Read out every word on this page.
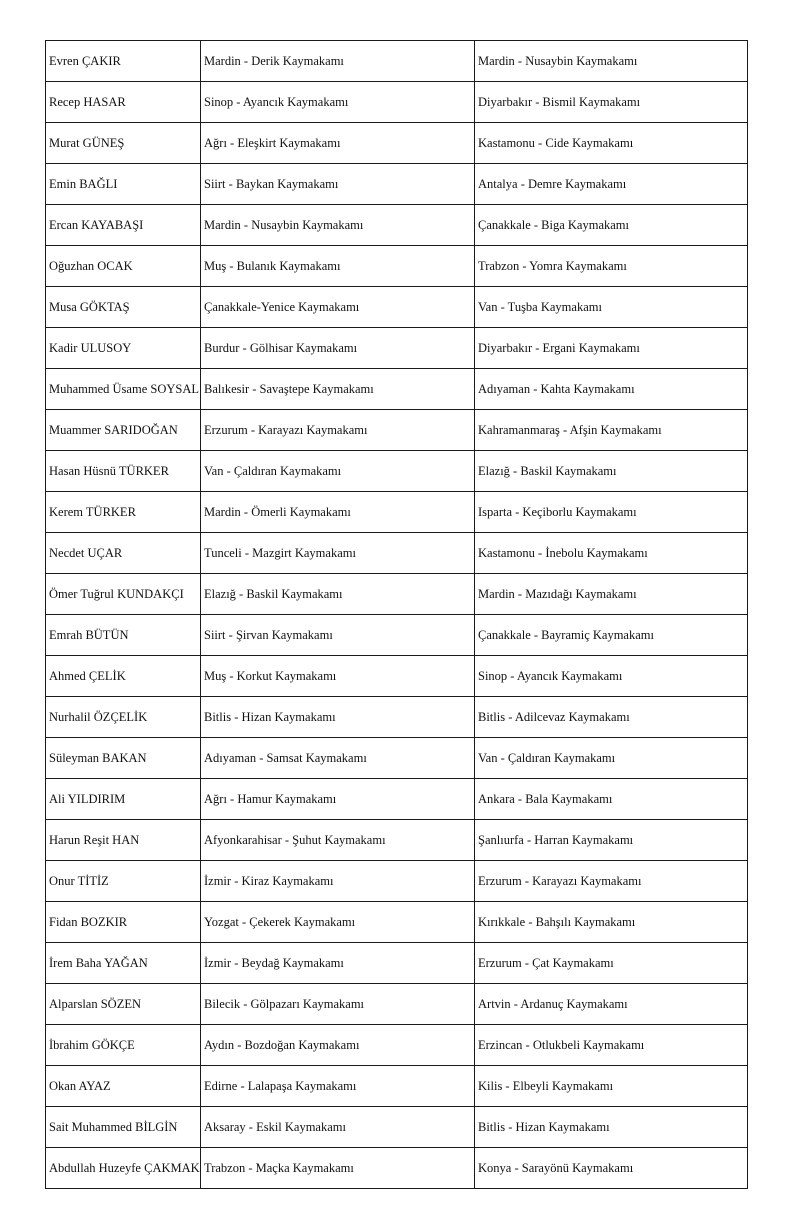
Evren ÇAKIR	Mardin - Derik Kaymakamı	Mardin - Nusaybin Kaymakamı
Recep HASAR	Sinop - Ayancık Kaymakamı	Diyarbakır - Bismil Kaymakamı
Murat GÜNEŞ	Ağrı - Eleşkirt Kaymakamı	Kastamonu - Cide Kaymakamı
Emin BAĞLI	Siirt - Baykan Kaymakamı	Antalya - Demre Kaymakamı
Ercan KAYABAŞI	Mardin - Nusaybin Kaymakamı	Çanakkale - Biga Kaymakamı
Oğuzhan OCAK	Muş - Bulanık Kaymakamı	Trabzon - Yomra Kaymakamı
Musa GÖKTAŞ	Çanakkale-Yenice Kaymakamı	Van - Tuşba Kaymakamı
Kadir ULUSOY	Burdur - Gölhisar Kaymakamı	Diyarbakır - Ergani Kaymakamı
Muhammed Üsame SOYSAL	Balıkesir - Savaştepe Kaymakamı	Adıyaman - Kahta Kaymakamı
Muammer SARIDOĞAN	Erzurum - Karayazı Kaymakamı	Kahramanmaraş - Afşin Kaymakamı
Hasan Hüsnü TÜRKER	Van - Çaldıran Kaymakamı	Elazığ - Baskil Kaymakamı
Kerem TÜRKER	Mardin - Ömerli Kaymakamı	Isparta - Keçiborlu Kaymakamı
Necdet UÇAR	Tunceli - Mazgirt Kaymakamı	Kastamonu - İnebolu Kaymakamı
Ömer Tuğrul KUNDAKÇI	Elazığ - Baskil Kaymakamı	Mardin - Mazıdağı Kaymakamı
Emrah BÜTÜN	Siirt - Şirvan Kaymakamı	Çanakkale - Bayramiç Kaymakamı
Ahmed ÇELİK	Muş - Korkut Kaymakamı	Sinop - Ayancık Kaymakamı
Nurhalil ÖZÇELİK	Bitlis - Hizan Kaymakamı	Bitlis - Adilcevaz Kaymakamı
Süleyman BAKAN	Adıyaman - Samsat Kaymakamı	Van - Çaldıran Kaymakamı
Ali YILDIRIM	Ağrı - Hamur Kaymakamı	Ankara - Bala Kaymakamı
Harun Reşit HAN	Afyonkarahisar - Şuhut Kaymakamı	Şanlıurfa - Harran Kaymakamı
Onur TİTİZ	İzmir - Kiraz Kaymakamı	Erzurum - Karayazı Kaymakamı
Fidan BOZKIR	Yozgat - Çekerek Kaymakamı	Kırıkkale - Bahşılı Kaymakamı
İrem Baha YAĞAN	İzmir - Beydağ Kaymakamı	Erzurum - Çat Kaymakamı
Alparslan SÖZEN	Bilecik - Gölpazarı Kaymakamı	Artvin - Ardanuç Kaymakamı
İbrahim GÖKÇE	Aydın - Bozdoğan Kaymakamı	Erzincan - Otlukbeli Kaymakamı
Okan AYAZ	Edirne - Lalapaşa Kaymakamı	Kilis - Elbeyli Kaymakamı
Sait Muhammed BİLGİN	Aksaray - Eskil Kaymakamı	Bitlis - Hizan Kaymakamı
Abdullah Huzeyfe ÇAKMAK	Trabzon - Maçka Kaymakamı	Konya - Sarayönü Kaymakamı
